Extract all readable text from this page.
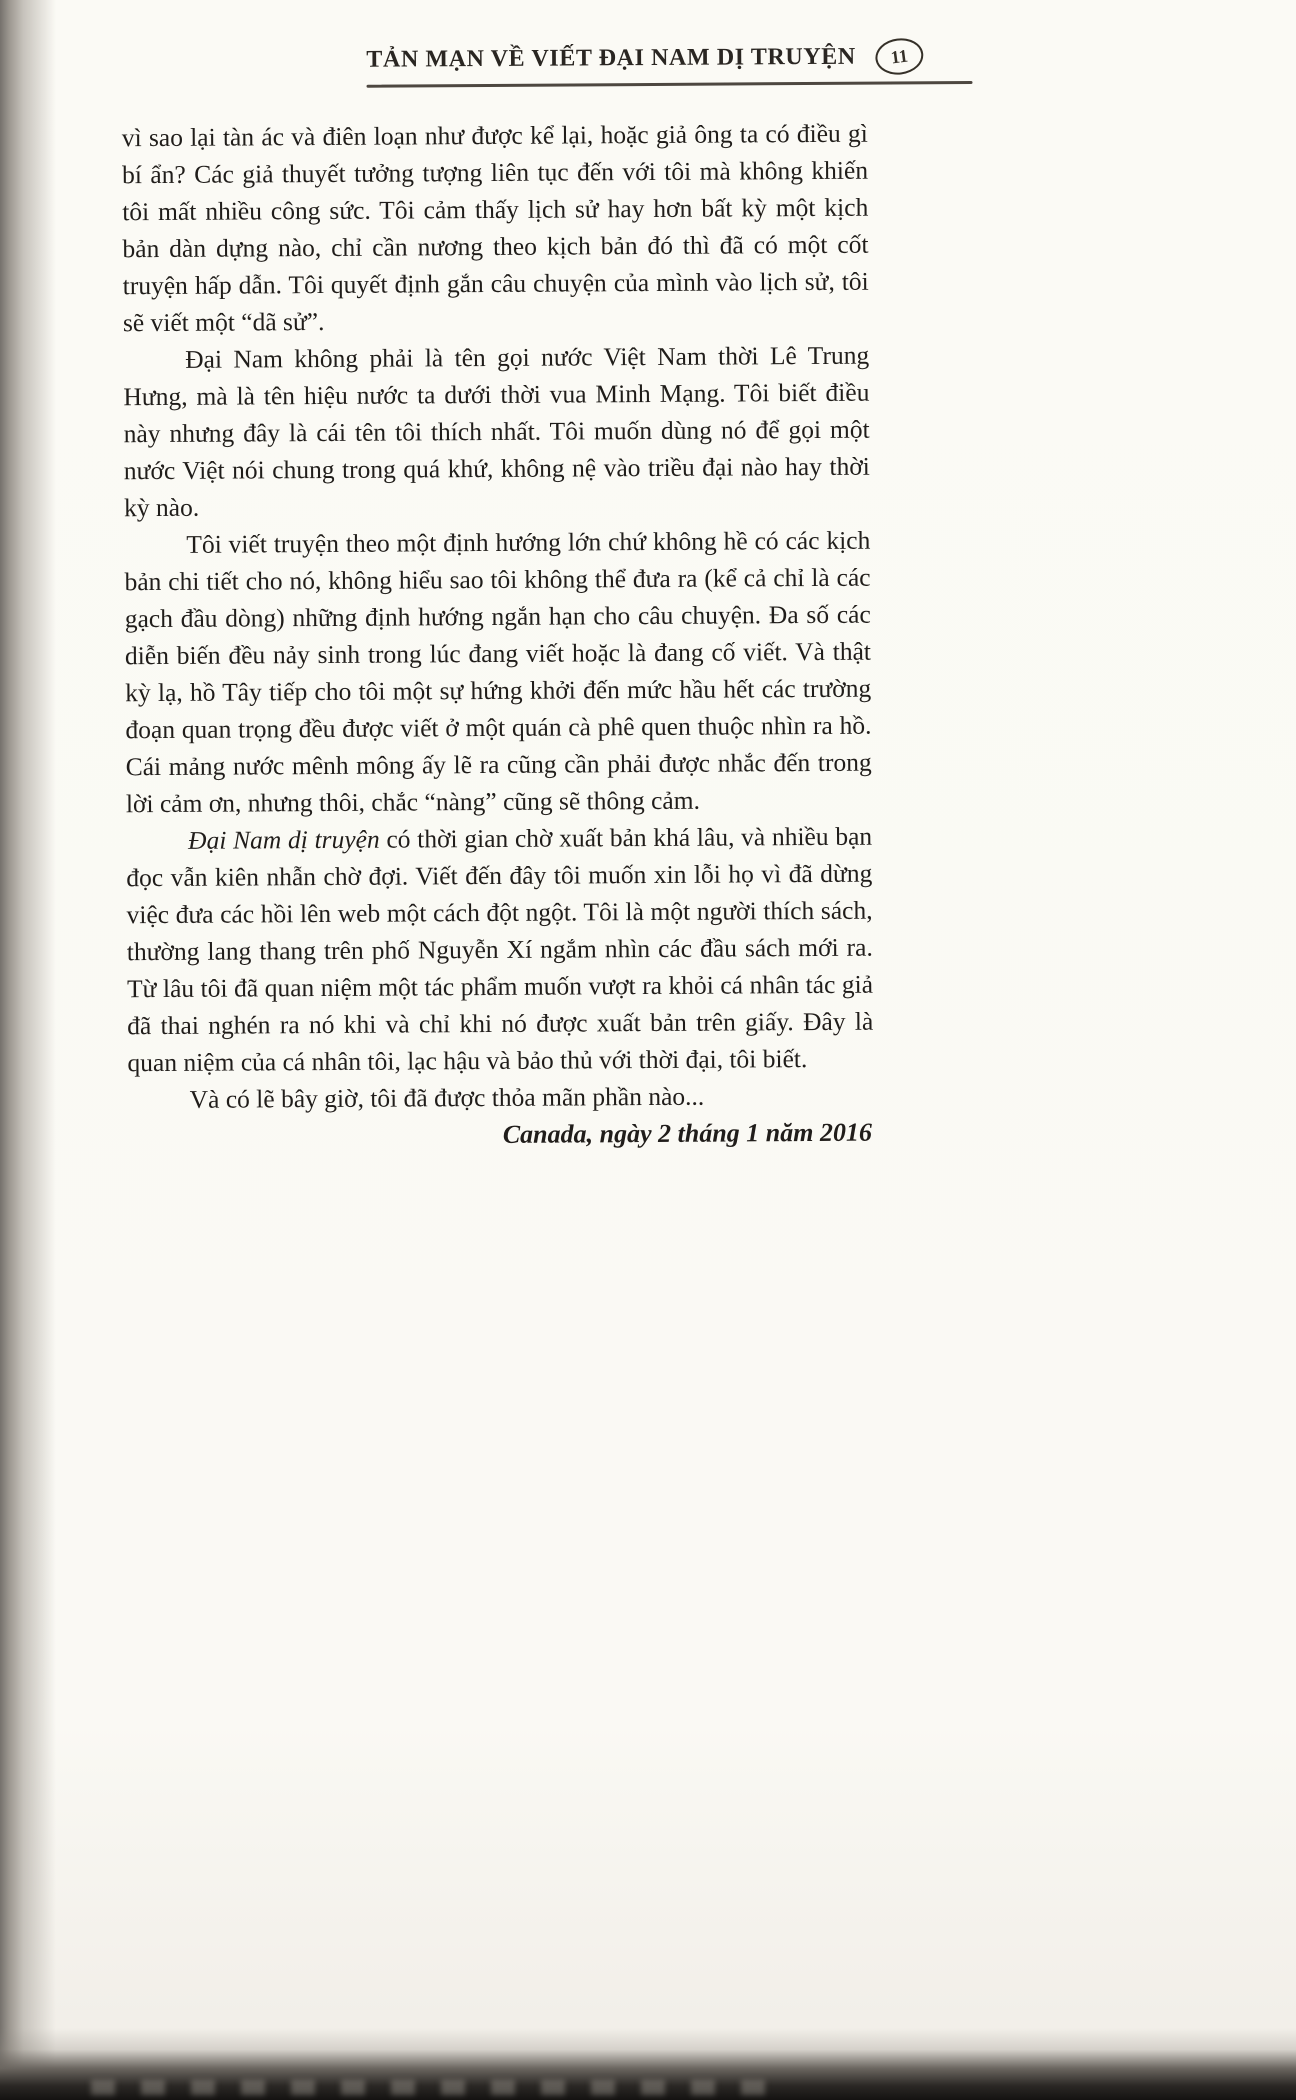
TẢN MẠN VỀ VIẾT ĐẠI NAM DỊ TRUYỆN 11

vì sao lại tàn ác và điên loạn như được kể lại, hoặc giả ông ta có điều gì bí ẩn? Các giả thuyết tưởng tượng liên tục đến với tôi mà không khiến tôi mất nhiều công sức. Tôi cảm thấy lịch sử hay hơn bất kỳ một kịch bản dàn dựng nào, chỉ cần nương theo kịch bản đó thì đã có một cốt truyện hấp dẫn. Tôi quyết định gắn câu chuyện của mình vào lịch sử, tôi sẽ viết một “dã sử”.

Đại Nam không phải là tên gọi nước Việt Nam thời Lê Trung Hưng, mà là tên hiệu nước ta dưới thời vua Minh Mạng. Tôi biết điều này nhưng đây là cái tên tôi thích nhất. Tôi muốn dùng nó để gọi một nước Việt nói chung trong quá khứ, không nệ vào triều đại nào hay thời kỳ nào.

Tôi viết truyện theo một định hướng lớn chứ không hề có các kịch bản chi tiết cho nó, không hiểu sao tôi không thể đưa ra (kể cả chỉ là các gạch đầu dòng) những định hướng ngắn hạn cho câu chuyện. Đa số các diễn biến đều nảy sinh trong lúc đang viết hoặc là đang cố viết. Và thật kỳ lạ, hồ Tây tiếp cho tôi một sự hứng khởi đến mức hầu hết các trường đoạn quan trọng đều được viết ở một quán cà phê quen thuộc nhìn ra hồ. Cái mảng nước mênh mông ấy lẽ ra cũng cần phải được nhắc đến trong lời cảm ơn, nhưng thôi, chắc “nàng” cũng sẽ thông cảm.

Đại Nam dị truyện có thời gian chờ xuất bản khá lâu, và nhiều bạn đọc vẫn kiên nhẫn chờ đợi. Viết đến đây tôi muốn xin lỗi họ vì đã dừng việc đưa các hồi lên web một cách đột ngột. Tôi là một người thích sách, thường lang thang trên phố Nguyễn Xí ngắm nhìn các đầu sách mới ra. Từ lâu tôi đã quan niệm một tác phẩm muốn vượt ra khỏi cá nhân tác giả đã thai nghén ra nó khi và chỉ khi nó được xuất bản trên giấy. Đây là quan niệm của cá nhân tôi, lạc hậu và bảo thủ với thời đại, tôi biết.

Và có lẽ bây giờ, tôi đã được thỏa mãn phần nào...

Canada, ngày 2 tháng 1 năm 2016
